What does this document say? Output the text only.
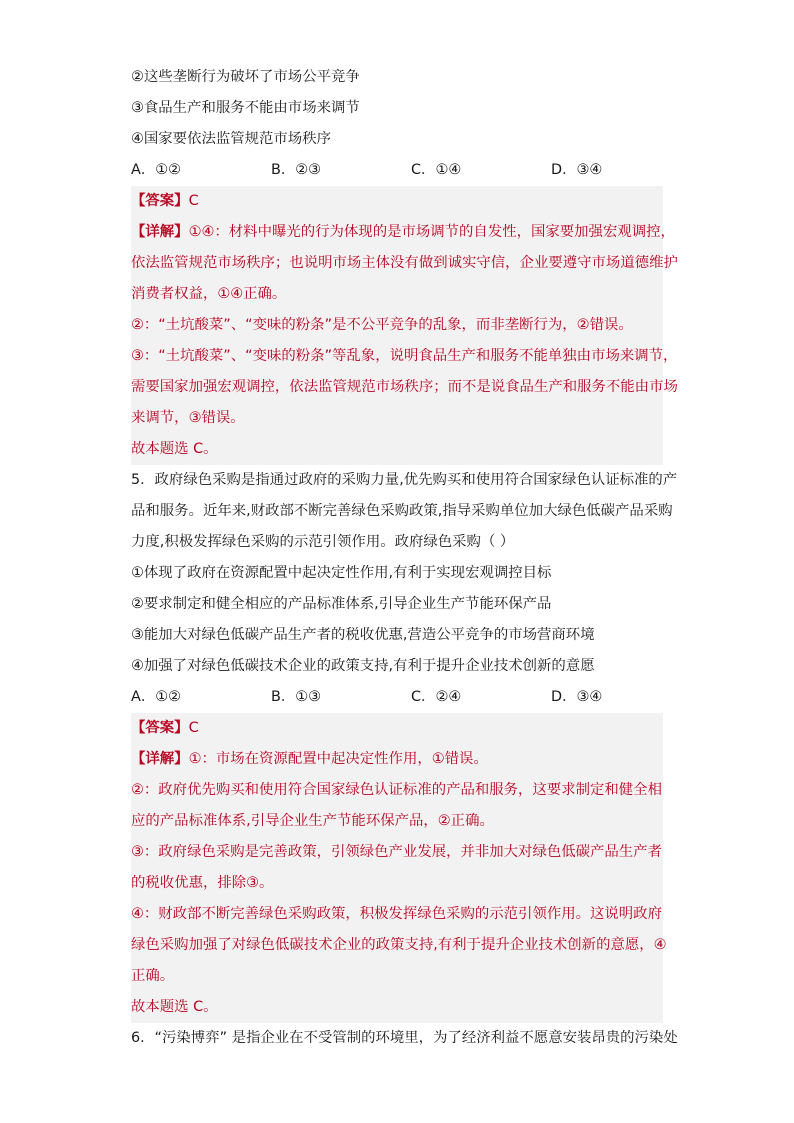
②这些垄断行为破坏了市场公平竞争
③食品生产和服务不能由市场来调节
④国家要依法监管规范市场秩序
A．①②	B．②③	C．①④	D．③④
【答案】C
【详解】①④：材料中曝光的行为体现的是市场调节的自发性，国家要加强宏观调控，
依法监管规范市场秩序；也说明市场主体没有做到诚实守信，企业要遵守市场道德维护
消费者权益，①④正确。
②：“土坑酸菜”、“变味的粉条”是不公平竞争的乱象，而非垄断行为，②错误。
③：“土坑酸菜”、“变味的粉条”等乱象，说明食品生产和服务不能单独由市场来调节，
需要国家加强宏观调控，依法监管规范市场秩序；而不是说食品生产和服务不能由市场
来调节，③错误。
故本题选 C。
5．政府绿色采购是指通过政府的采购力量,优先购买和使用符合国家绿色认证标准的产
品和服务。近年来,财政部不断完善绿色采购政策,指导采购单位加大绿色低碳产品采购
力度,积极发挥绿色采购的示范引领作用。政府绿色采购（ ）
①体现了政府在资源配置中起决定性作用,有利于实现宏观调控目标
②要求制定和健全相应的产品标准体系,引导企业生产节能环保产品
③能加大对绿色低碳产品生产者的税收优惠,营造公平竞争的市场营商环境
④加强了对绿色低碳技术企业的政策支持,有利于提升企业技术创新的意愿
A．①②	B．①③	C．②④	D．③④
【答案】C
【详解】①：市场在资源配置中起决定性作用，①错误。
②：政府优先购买和使用符合国家绿色认证标准的产品和服务，这要求制定和健全相
应的产品标准体系,引导企业生产节能环保产品，②正确。
③：政府绿色采购是完善政策，引领绿色产业发展，并非加大对绿色低碳产品生产者
的税收优惠，排除③。
④：财政部不断完善绿色采购政策，积极发挥绿色采购的示范引领作用。这说明政府
绿色采购加强了对绿色低碳技术企业的政策支持,有利于提升企业技术创新的意愿，④
正确。
故本题选 C。
6．“污染博弈” 是指企业在不受管制的环境里，为了经济利益不愿意安装昂贵的污染处
